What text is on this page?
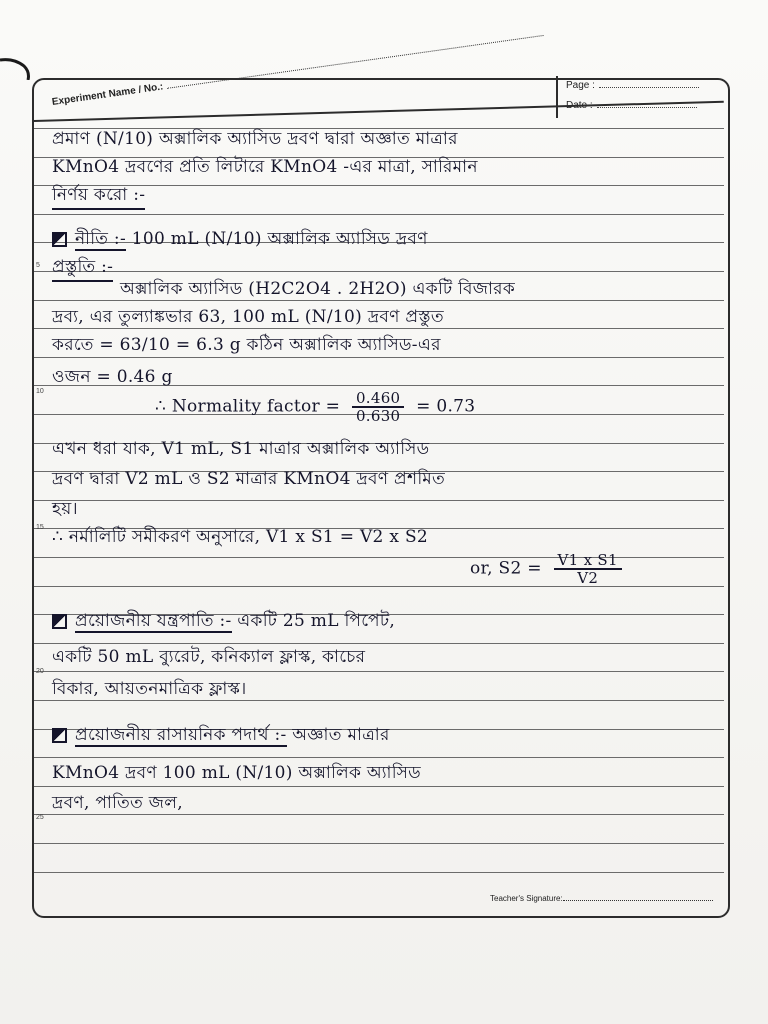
Experiment Name / No.:	Page :
Date :
5
10
15
20
25
প্রমাণ (N/10) অক্সালিক অ্যাসিড দ্রবণ দ্বারা অজ্ঞাত মাত্রার
KMnO4 দ্রবণের প্রতি লিটারে KMnO4 -এর মাত্রা, সারিমান
নির্ণয় করো :-
নীতি :- 100 mL (N/10) অক্সালিক অ্যাসিড দ্রবণ
প্রস্তুতি :-
অক্সালিক অ্যাসিড (H2C2O4 . 2H2O) একটি বিজারক
দ্রব্য, এর তুল্যাঙ্কভার 63, 100 mL (N/10) দ্রবণ প্রস্তুত
করতে = 63/10 = 6.3 g কঠিন অক্সালিক অ্যাসিড-এর
ওজন = 0.46 g
∴ Normality factor = $\frac{0.460}{0.630} = 0.73$
এখন ধরা যাক, V1 mL, S1 মাত্রার অক্সালিক অ্যাসিড
দ্রবণ দ্বারা V2 mL ও S2 মাত্রার KMnO4 দ্রবণ প্রশমিত
হয়।
∴ নর্মালিটি সমীকরণ অনুসারে, V1 x S1 = V2 x S2
or, $S2 = \frac{\text{V1 x S1}}{V2}$
প্রয়োজনীয় যন্ত্রপাতি :- একটি 25 mL পিপেট,
একটি 50 mL ব্যুরেট, কনিক্যাল ফ্লাস্ক, কাচের
বিকার, আয়তনমাত্রিক ফ্লাস্ক।
প্রয়োজনীয় রাসায়নিক পদার্থ :- অজ্ঞাত মাত্রার
KMnO4 দ্রবণ 100 mL (N/10) অক্সালিক অ্যাসিড
দ্রবণ, পাতিত জল,
Teacher's Signature:
